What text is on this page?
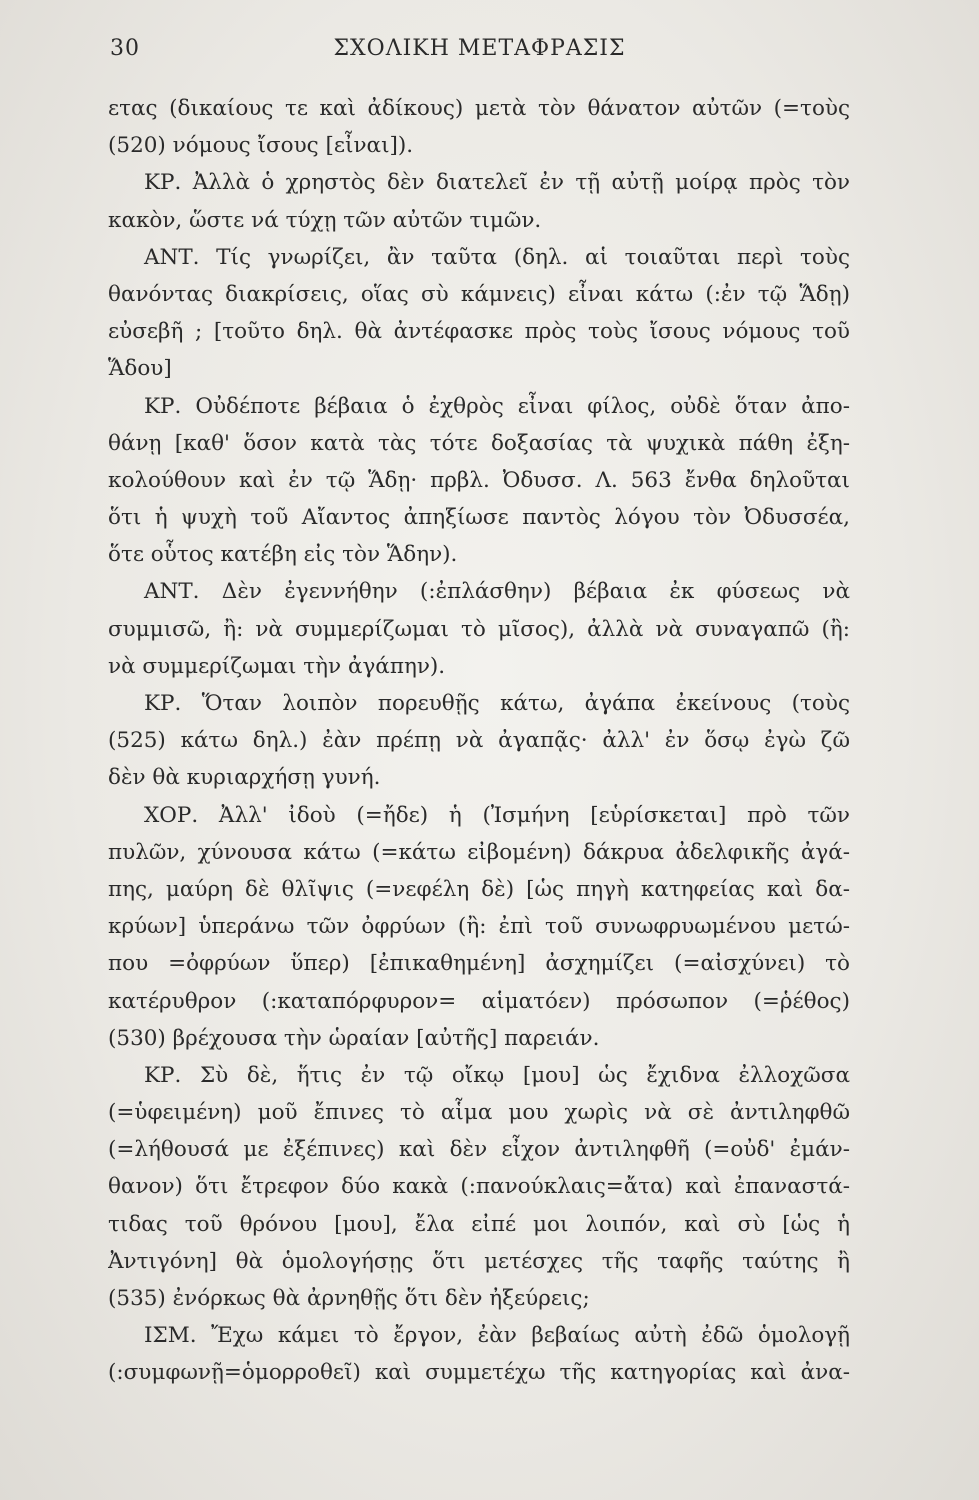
30	ΣΧΟΛΙΚΗ ΜΕΤΑΦΡΑΣΙΣ
ετας (δικαίους τε καὶ ἀδίκους) μετὰ τὸν θάνατον αὐτῶν (=τοὺς
(520) νόμους ἴσους [εἶναι]).
ΚΡ. Ἀλλὰ ὁ χρηστὸς δὲν διατελεῖ ἐν τῇ αὐτῇ μοίρᾳ πρὸς τὸν
κακὸν, ὥστε νά τύχῃ τῶν αὐτῶν τιμῶν.
ΑΝΤ. Τίς γνωρίζει, ἂν ταῦτα (δηλ. αἱ τοιαῦται περὶ τοὺς
θανόντας διακρίσεις, οἵας σὺ κάμνεις) εἶναι κάτω (:ἐν τῷ Ἅδῃ)
εὐσεβῆ ; [τοῦτο δηλ. θὰ ἀντέφασκε πρὸς τοὺς ἴσους νόμους τοῦ
Ἅδου]
ΚΡ. Οὐδέποτε βέβαια ὁ ἐχθρὸς εἶναι φίλος, οὐδὲ ὅταν ἀπο-
θάνῃ [καθ' ὅσον κατὰ τὰς τότε δοξασίας τὰ ψυχικὰ πάθη ἐξη-
κολούθουν καὶ ἐν τῷ Ἅδῃ· πρβλ. Ὀδυσσ. Λ. 563 ἔνθα δηλοῦται
ὅτι ἡ ψυχὴ τοῦ Αἴαντος ἀπηξίωσε παντὸς λόγου τὸν Ὀδυσσέα,
ὅτε οὗτος κατέβη εἰς τὸν Ἅδην).
ΑΝΤ. Δὲν ἐγεννήθην (:ἐπλάσθην) βέβαια ἐκ φύσεως νὰ
συμμισῶ, ἢ: νὰ συμμερίζωμαι τὸ μῖσος), ἀλλὰ νὰ συναγαπῶ (ἢ:
νὰ συμμερίζωμαι τὴν ἀγάπην).
ΚΡ. Ὅταν λοιπὸν πορευθῇς κάτω, ἀγάπα ἐκείνους (τοὺς
(525) κάτω δηλ.) ἐὰν πρέπῃ νὰ ἀγαπᾷς· ἀλλ' ἐν ὅσῳ ἐγὼ ζῶ
δὲν θὰ κυριαρχήσῃ γυνή.
ΧΟΡ. Ἀλλ' ἰδοὺ (=ἤδε) ἡ (Ἰσμήνη [εὑρίσκεται] πρὸ τῶν
πυλῶν, χύνουσα κάτω (=κάτω εἰβομένη) δάκρυα ἀδελφικῆς ἀγά-
πης, μαύρη δὲ θλῖψις (=νεφέλη δὲ) [ὡς πηγὴ κατηφείας καὶ δα-
κρύων] ὑπεράνω τῶν ὀφρύων (ἢ: ἐπὶ τοῦ συνωφρυωμένου μετώ-
που =ὀφρύων ὕπερ) [ἐπικαθημένη] ἀσχημίζει (=αἰσχύνει) τὸ
κατέρυθρον (:καταπόρφυρον= αἱματόεν) πρόσωπον (=ῥέθος)
(530) βρέχουσα τὴν ὡραίαν [αὐτῆς] παρειάν.
ΚΡ. Σὺ δὲ, ἥτις ἐν τῷ οἴκῳ [μου] ὡς ἔχιδνα ἐλλοχῶσα
(=ὑφειμένη) μοῦ ἔπινες τὸ αἷμα μου χωρὶς νὰ σὲ ἀντιληφθῶ
(=λήθουσά με ἐξέπινες) καὶ δὲν εἶχον ἀντιληφθῆ (=οὐδ' ἐμάν-
θανον) ὅτι ἔτρεφον δύο κακὰ (:πανούκλαις=ἄτα) καὶ ἐπαναστά-
τιδας τοῦ θρόνου [μου], ἔλα εἰπέ μοι λοιπόν, καὶ σὺ [ὡς ἡ
Ἀντιγόνη] θὰ ὁμολογήσῃς ὅτι μετέσχες τῆς ταφῆς ταύτης ἢ
(535) ἐνόρκως θὰ ἀρνηθῇς ὅτι δὲν ἠξεύρεις;
ΙΣΜ. Ἔχω κάμει τὸ ἔργον, ἐὰν βεβαίως αὐτὴ ἐδῶ ὁμολογῇ
(:συμφωνῇ=ὁμορροθεῖ) καὶ συμμετέχω τῆς κατηγορίας καὶ ἀνα-
